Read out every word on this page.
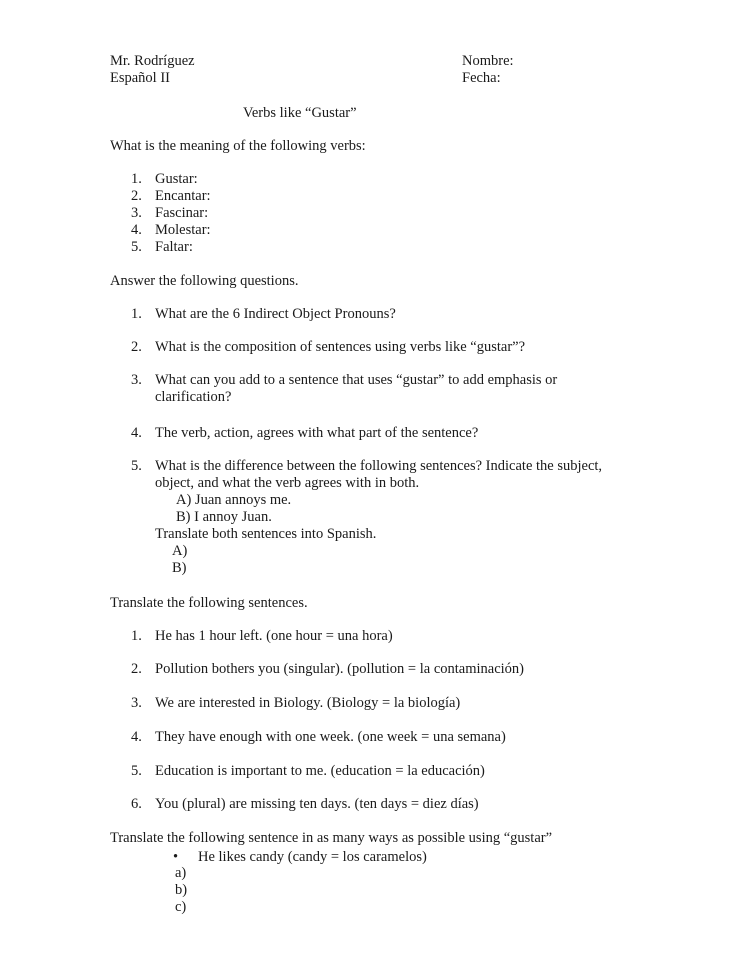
Mr. Rodríguez
Español II
Nombre:
Fecha:
Verbs like “Gustar”
What is the meaning of the following verbs:
1. Gustar:
2. Encantar:
3. Fascinar:
4. Molestar:
5. Faltar:
Answer the following questions.
1. What are the 6 Indirect Object Pronouns?
2. What is the composition of sentences using verbs like “gustar”?
3. What can you add to a sentence that uses “gustar” to add emphasis or
clarification?
4. The verb, action, agrees with what part of the sentence?
5. What is the difference between the following sentences? Indicate the subject,
object, and what the verb agrees with in both.
A) Juan annoys me.
B) I annoy Juan.
Translate both sentences into Spanish.
A)
B)
Translate the following sentences.
1. He has 1 hour left. (one hour = una hora)
2. Pollution bothers you (singular). (pollution = la contaminación)
3. We are interested in Biology. (Biology = la biología)
4. They have enough with one week. (one week = una semana)
5. Education is important to me. (education = la educación)
6. You (plural) are missing ten days. (ten days = diez días)
Translate the following sentence in as many ways as possible using “gustar”
• He likes candy (candy = los caramelos)
a)
b)
c)
